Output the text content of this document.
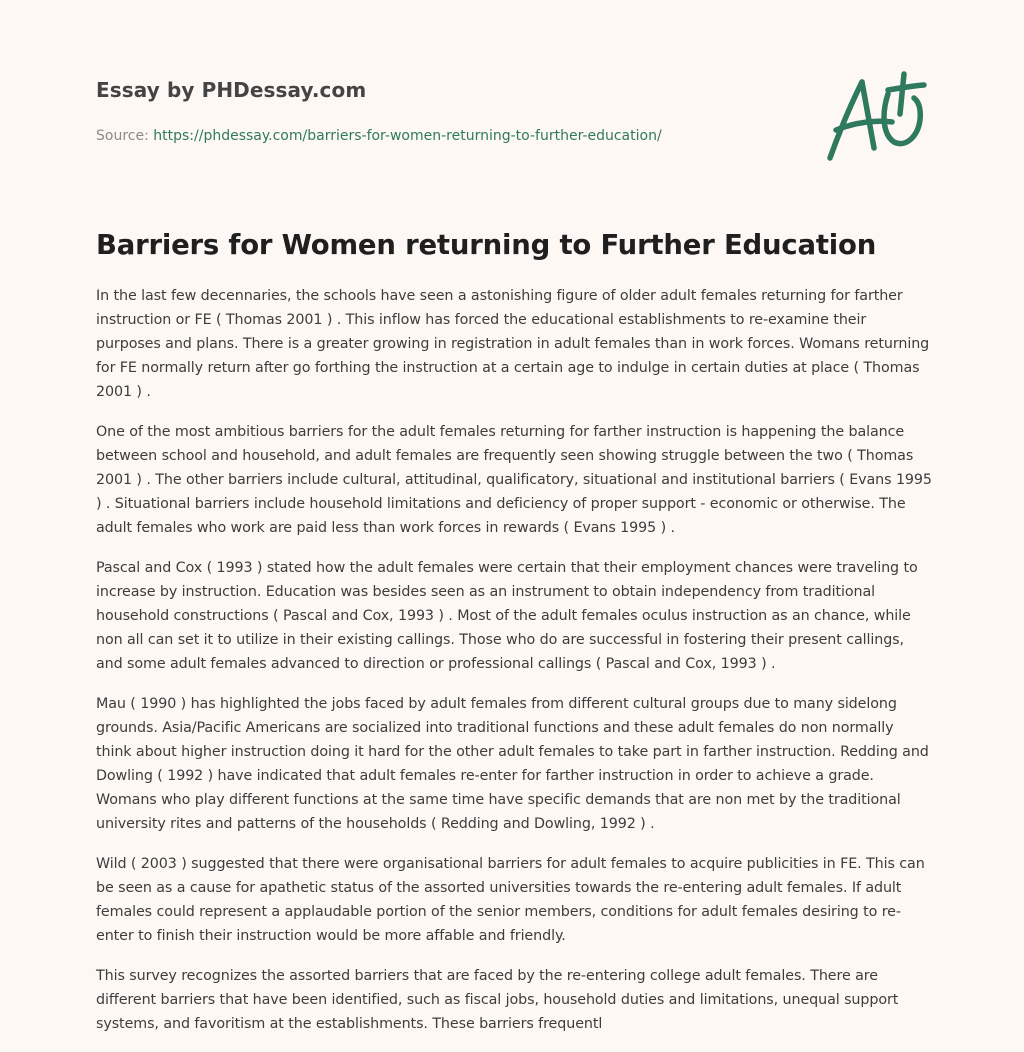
Essay by PHDessay.com
Source: https://phdessay.com/barriers-for-women-returning-to-further-education/
Barriers for Women returning to Further Education

In the last few decennaries, the schools have seen a astonishing figure of older adult females returning for farther instruction or FE ( Thomas 2001 ) . This inflow has forced the educational establishments to re-examine their purposes and plans. There is a greater growing in registration in adult females than in work forces. Womans returning for FE normally return after go forthing the instruction at a certain age to indulge in certain duties at place ( Thomas 2001 ) .

One of the most ambitious barriers for the adult females returning for farther instruction is happening the balance between school and household, and adult females are frequently seen showing struggle between the two ( Thomas 2001 ) . The other barriers include cultural, attitudinal, qualificatory, situational and institutional barriers ( Evans 1995 ) . Situational barriers include household limitations and deficiency of proper support - economic or otherwise. The adult females who work are paid less than work forces in rewards ( Evans 1995 ) .

Pascal and Cox ( 1993 ) stated how the adult females were certain that their employment chances were traveling to increase by instruction. Education was besides seen as an instrument to obtain independency from traditional household constructions ( Pascal and Cox, 1993 ) . Most of the adult females oculus instruction as an chance, while non all can set it to utilize in their existing callings. Those who do are successful in fostering their present callings, and some adult females advanced to direction or professional callings ( Pascal and Cox, 1993 ) .

Mau ( 1990 ) has highlighted the jobs faced by adult females from different cultural groups due to many sidelong grounds. Asia/Pacific Americans are socialized into traditional functions and these adult females do non normally think about higher instruction doing it hard for the other adult females to take part in farther instruction. Redding and Dowling ( 1992 ) have indicated that adult females re-enter for farther instruction in order to achieve a grade. Womans who play different functions at the same time have specific demands that are non met by the traditional university rites and patterns of the households ( Redding and Dowling, 1992 ) .

Wild ( 2003 ) suggested that there were organisational barriers for adult females to acquire publicities in FE. This can be seen as a cause for apathetic status of the assorted universities towards the re-entering adult females. If adult females could represent a applaudable portion of the senior members, conditions for adult females desiring to re-enter to finish their instruction would be more affable and friendly.

This survey recognizes the assorted barriers that are faced by the re-entering college adult females. There are different barriers that have been identified, such as fiscal jobs, household duties and limitations, unequal support systems, and favoritism at the establishments. These barriers frequentl
